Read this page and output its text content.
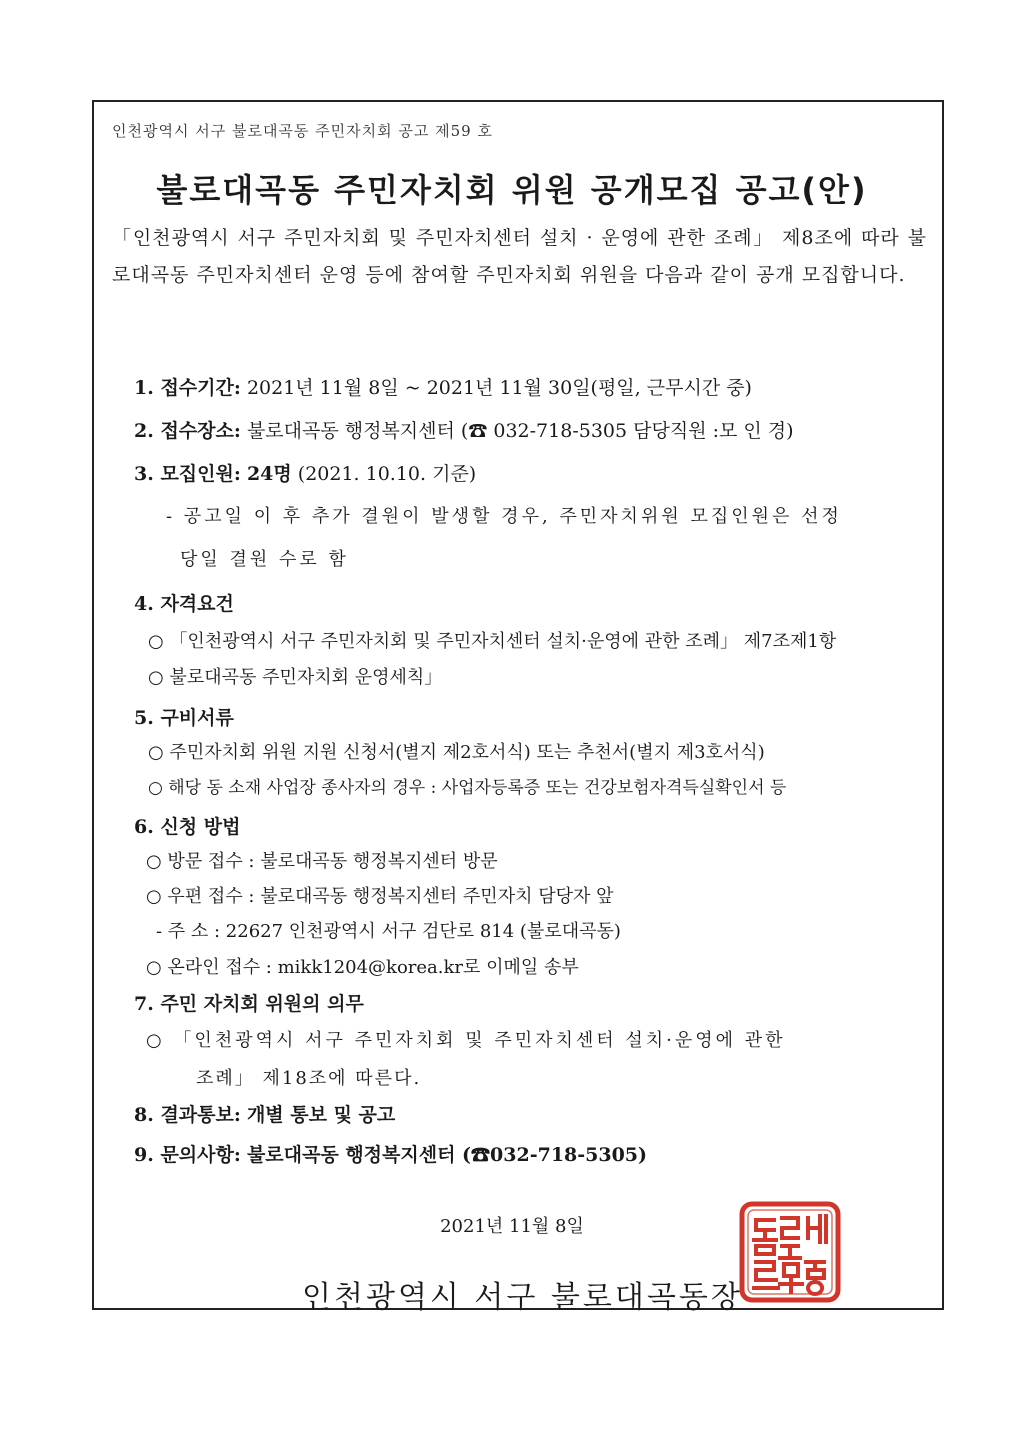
인천광역시 서구 불로대곡동 주민자치회 공고 제59 호
불로대곡동 주민자치회 위원 공개모집 공고(안)
「인천광역시 서구 주민자치회 및 주민자치센터 설치 · 운영에 관한 조례」 제8조에 따라 불로대곡동 주민자치센터 운영 등에 참여할 주민자치회 위원을 다음과 같이 공개 모집합니다.
1. 접수기간: 2021년 11월 8일 ~ 2021년 11월 30일(평일, 근무시간 중)
2. 접수장소: 불로대곡동 행정복지센터 (☎ 032-718-5305 담당직원 :모 인 경)
3. 모집인원: 24명 (2021. 10.10. 기준)
- 공고일 이 후 추가 결원이 발생할 경우, 주민자치위원 모집인원은 선정
당일 결원 수로 함
4. 자격요건
○ 「인천광역시 서구 주민자치회 및 주민자치센터 설치·운영에 관한 조례」 제7조제1항
○ 불로대곡동 주민자치회 운영세칙」
5. 구비서류
○ 주민자치회 위원 지원 신청서(별지 제2호서식) 또는 추천서(별지 제3호서식)
○ 해당 동 소재 사업장 종사자의 경우 : 사업자등록증 또는 건강보험자격득실확인서 등
6. 신청 방법
○ 방문 접수 : 불로대곡동 행정복지센터 방문
○ 우편 접수 : 불로대곡동 행정복지센터 주민자치 담당자 앞
- 주 소 : 22627 인천광역시 서구 검단로 814 (불로대곡동)
○ 온라인 접수 : mikk1204@korea.kr로 이메일 송부
7. 주민 자치회 위원의 의무
○ 「인천광역시 서구 주민자치회 및 주민자치센터 설치·운영에 관한
조례」 제18조에 따른다.
8. 결과통보: 개별 통보 및 공고
9. 문의사항: 불로대곡동 행정복지센터 (☎032-718-5305)
2021년 11월 8일
인천광역시 서구 불로대곡동장
